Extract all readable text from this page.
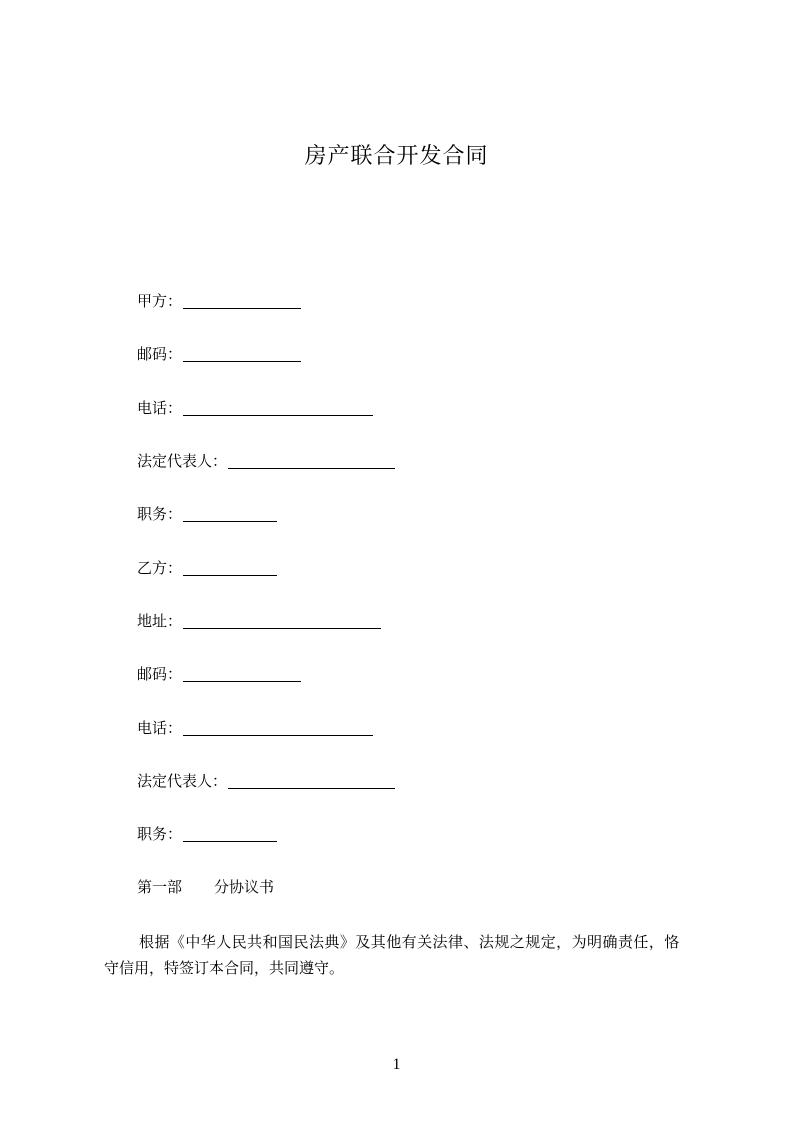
房产联合开发合同
甲方：
邮码：
电话：
法定代表人：
职务：
乙方：
地址：
邮码：
电话：
法定代表人：
职务：
第一部 分协议书

根据《中华人民共和国民法典》及其他有关法律、法规之规定，为明确责任，恪
守信用，特签订本合同，共同遵守。

1
